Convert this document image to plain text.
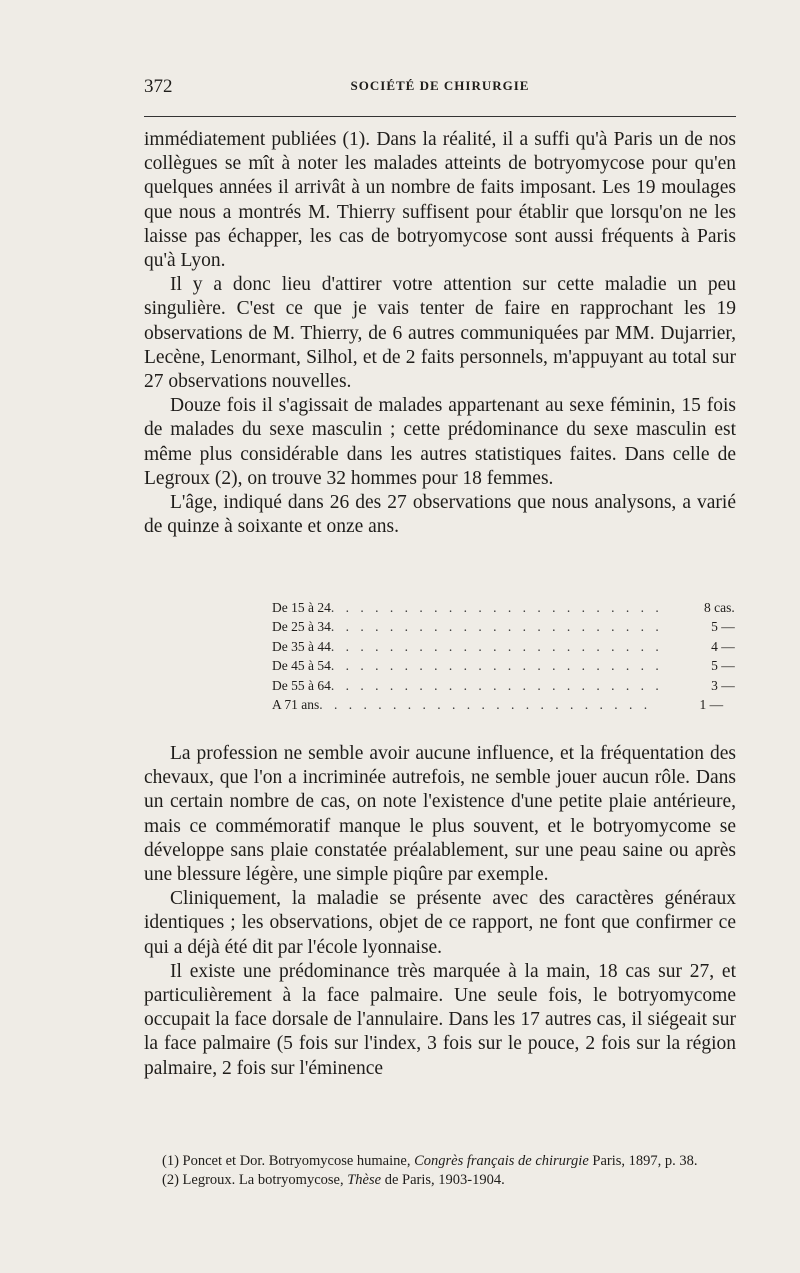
372	SOCIÉTÉ DE CHIRURGIE

immédiatement publiées (1). Dans la réalité, il a suffi qu'à Paris un de nos collègues se mît à noter les malades atteints de botryomycose pour qu'en quelques années il arrivât à un nombre de faits imposant. Les 19 moulages que nous a montrés M. Thierry suffisent pour établir que lorsqu'on ne les laisse pas échapper, les cas de botryomycose sont aussi fréquents à Paris qu'à Lyon.

Il y a donc lieu d'attirer votre attention sur cette maladie un peu singulière. C'est ce que je vais tenter de faire en rapprochant les 19 observations de M. Thierry, de 6 autres communiquées par MM. Dujarrier, Lecène, Lenormant, Silhol, et de 2 faits personnels, m'appuyant au total sur 27 observations nouvelles.

Douze fois il s'agissait de malades appartenant au sexe féminin, 15 fois de malades du sexe masculin ; cette prédominance du sexe masculin est même plus considérable dans les autres statistiques faites. Dans celle de Legroux (2), on trouve 32 hommes pour 18 femmes.

L'âge, indiqué dans 26 des 27 observations que nous analysons, a varié de quinze à soixante et onze ans.

De 15 à 24 . . . . . . . . . . . . . . . . . . . . . . .	8 cas.
De 25 à 34 . . . . . . . . . . . . . . . . . . . . . . .	5 —
De 35 à 44 . . . . . . . . . . . . . . . . . . . . . . .	4 —
De 45 à 54 . . . . . . . . . . . . . . . . . . . . . . .	5 —
De 55 à 64 . . . . . . . . . . . . . . . . . . . . . . .	3 —
A 71 ans . . . . . . . . . . . . . . . . . . . . . . .	1 —

La profession ne semble avoir aucune influence, et la fréquentation des chevaux, que l'on a incriminée autrefois, ne semble jouer aucun rôle. Dans un certain nombre de cas, on note l'existence d'une petite plaie antérieure, mais ce commémoratif manque le plus souvent, et le botryomycome se développe sans plaie constatée préalablement, sur une peau saine ou après une blessure légère, une simple piqûre par exemple.

Cliniquement, la maladie se présente avec des caractères généraux identiques ; les observations, objet de ce rapport, ne font que confirmer ce qui a déjà été dit par l'école lyonnaise.

Il existe une prédominance très marquée à la main, 18 cas sur 27, et particulièrement à la face palmaire. Une seule fois, le botryomycome occupait la face dorsale de l'annulaire. Dans les 17 autres cas, il siégeait sur la face palmaire (5 fois sur l'index, 3 fois sur le pouce, 2 fois sur la région palmaire, 2 fois sur l'éminence

(1) Poncet et Dor. Botryomycose humaine, Congrès français de chirurgie Paris, 1897, p. 38.

(2) Legroux. La botryomycose, Thèse de Paris, 1903-1904.
